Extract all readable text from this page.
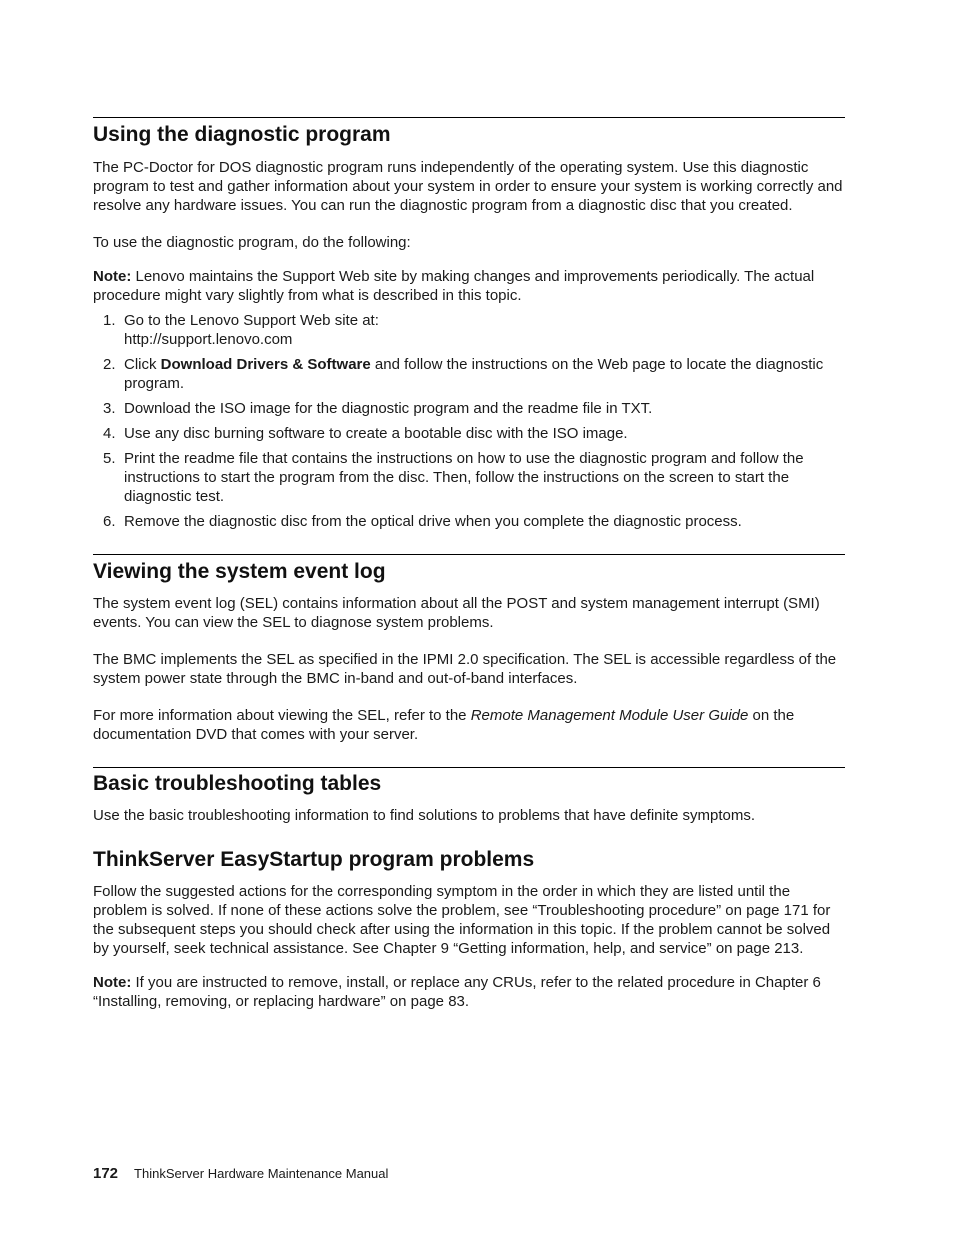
Using the diagnostic program

The PC-Doctor for DOS diagnostic program runs independently of the operating system. Use this diagnostic program to test and gather information about your system in order to ensure your system is working correctly and resolve any hardware issues. You can run the diagnostic program from a diagnostic disc that you created.

To use the diagnostic program, do the following:

Note: Lenovo maintains the Support Web site by making changes and improvements periodically. The actual procedure might vary slightly from what is described in this topic.

1. Go to the Lenovo Support Web site at:
http://support.lenovo.com
2. Click Download Drivers & Software and follow the instructions on the Web page to locate the diagnostic program.
3. Download the ISO image for the diagnostic program and the readme file in TXT.
4. Use any disc burning software to create a bootable disc with the ISO image.
5. Print the readme file that contains the instructions on how to use the diagnostic program and follow the instructions to start the program from the disc. Then, follow the instructions on the screen to start the diagnostic test.
6. Remove the diagnostic disc from the optical drive when you complete the diagnostic process.
Viewing the system event log

The system event log (SEL) contains information about all the POST and system management interrupt (SMI) events. You can view the SEL to diagnose system problems.

The BMC implements the SEL as specified in the IPMI 2.0 specification. The SEL is accessible regardless of the system power state through the BMC in-band and out-of-band interfaces.

For more information about viewing the SEL, refer to the Remote Management Module User Guide on the documentation DVD that comes with your server.

Basic troubleshooting tables

Use the basic troubleshooting information to find solutions to problems that have definite symptoms.

ThinkServer EasyStartup program problems

Follow the suggested actions for the corresponding symptom in the order in which they are listed until the problem is solved. If none of these actions solve the problem, see “Troubleshooting procedure” on page 171 for the subsequent steps you should check after using the information in this topic. If the problem cannot be solved by yourself, seek technical assistance. See Chapter 9 “Getting information, help, and service” on page 213.

Note: If you are instructed to remove, install, or replace any CRUs, refer to the related procedure in Chapter 6 “Installing, removing, or replacing hardware” on page 83.

172 ThinkServer Hardware Maintenance Manual
